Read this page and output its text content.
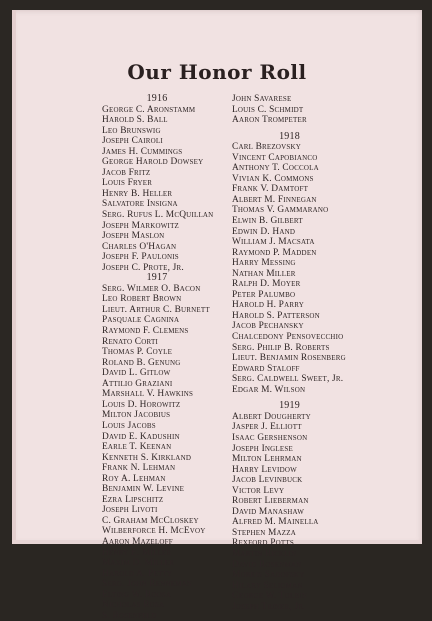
Our Honor Roll
1916
George C. Aronstamm
Harold S. Ball
Leo Brunswig
Joseph Cairoli
James H. Cummings
George Harold Dowsey
Jacob Fritz
Louis Fryer
Henry B. Heller
Salvatore Insigna
Serg. Rufus L. McQuillan
Joseph Markowitz
Joseph Maslon
Charles O'Hagan
Joseph F. Paulonis
Joseph C. Prote, Jr.
1917
Serg. Wilmer O. Bacon
Leo Robert Brown
Lieut. Arthur C. Burnett
Pasquale Cagnina
Raymond F. Clemens
Renato Corti
Thomas P. Coyle
Roland B. Genung
David L. Gitlow
Attilio Graziani
Marshall V. Hawkins
Louis D. Horowitz
Milton Jacobius
Louis Jacobs
David E. Kadushin
Earle T. Keenan
Kenneth S. Kirkland
Frank N. Lehman
Roy A. Lehman
Benjamin W. Levine
Ezra Lipschitz
Joseph Livoti
C. Graham McCloskey
Wilberforce H. McEvoy
Aaron Mazeloff
Henry E. Miller
Maxim D. Miller
Harold A. Petty
Serg. John Renneman
Elting W. Roosa
Nicholas Rosa
S. Rosenfeld
John Savarese
Louis C. Schmidt
Aaron Trompeter
1918
Carl Brezovsky
Vincent Capobianco
Anthony T. Coccola
Vivian K. Commons
Frank V. Damtoft
Albert M. Finnegan
Thomas V. Gammarano
Elwin B. Gilbert
Edwin D. Hand
William J. Macsata
Raymond P. Madden
Harry Messing
Nathan Miller
Ralph D. Moyer
Peter Palumbo
Harold H. Parry
Harold S. Patterson
Jacob Pechansky
Chalcedony Pensovecchio
Serg. Philip B. Roberts
Lieut. Benjamin Rosenberg
Edward Staloff
Serg. Caldwell Sweet, Jr.
Edgar M. Wilson
1919
Albert Dougherty
Jasper J. Elliott
Isaac Gershenson
Joseph Inglese
Milton Lehrman
Harry Levidow
Jacob Levinbuck
Victor Levy
Robert Lieberman
David Manashaw
Alfred M. Mainella
Stephen Mazza
Rexford Potts
Martin Ricklin
David Rosenman
Morris Sadofsky
Hilary Seligman
George W. Tolbin
Joseph Triner, Jr.
